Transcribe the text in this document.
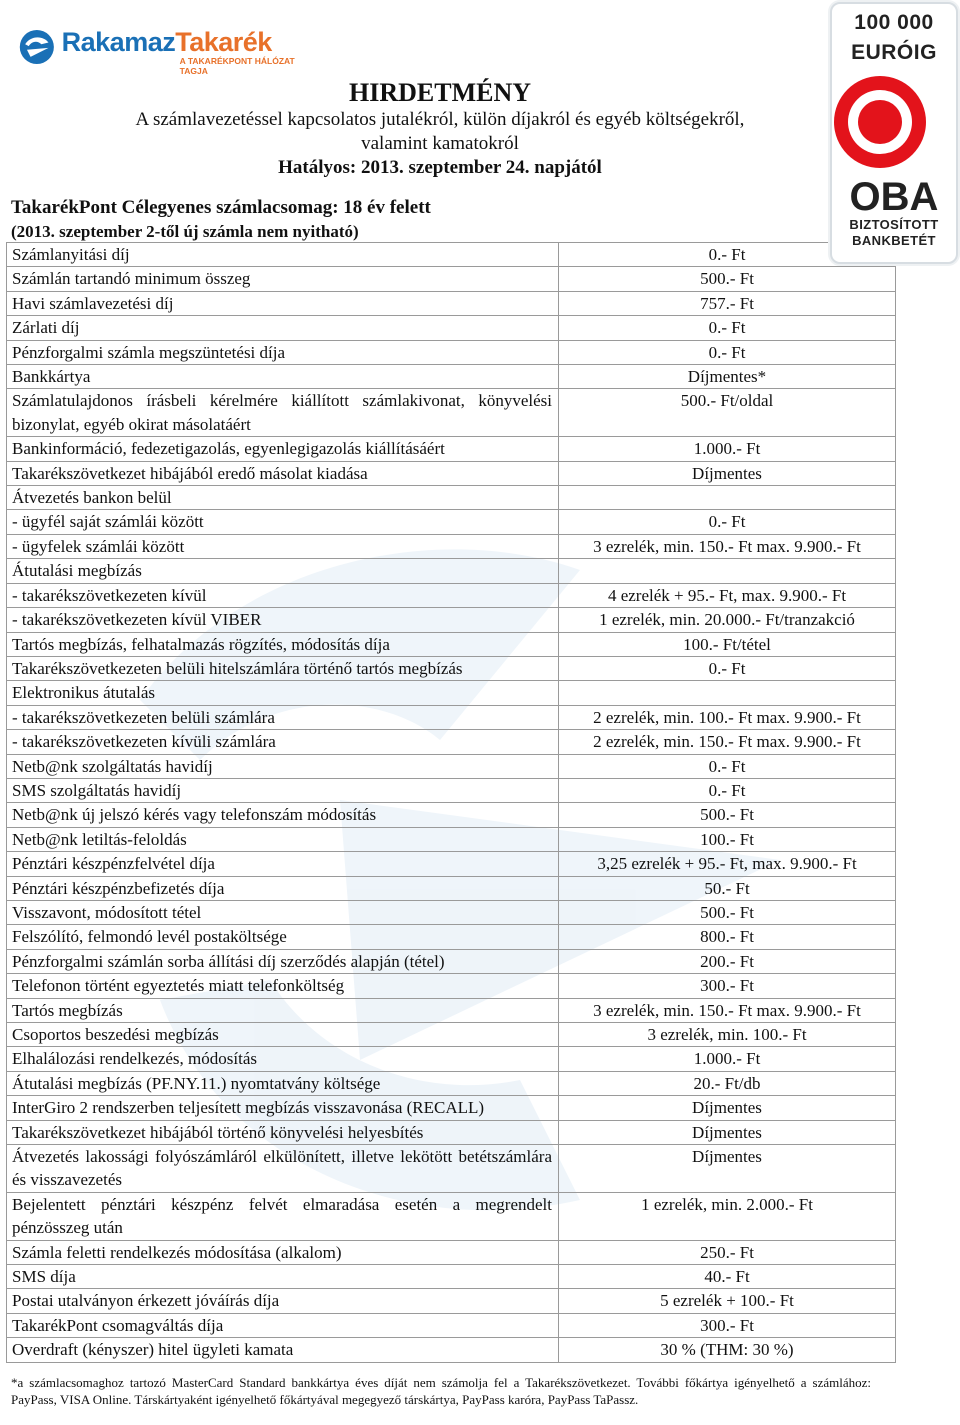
RakamazTakarék
A TAKARÉKPONT HÁLÓZAT TAGJA
100 000
EURÓIG
OBA
BIZTOSÍTOTT
BANKBETÉT
HIRDETMÉNY
A számlavezetéssel kapcsolatos jutalékról, külön díjakról és egyéb költségekről,
valamint kamatokról
Hatályos: 2013. szeptember 24. napjától
TakarékPont Célegyenes számlacsomag: 18 év felett
(2013. szeptember 2-től új számla nem nyitható)
Számlanyitási díj	0.- Ft
Számlán tartandó minimum összeg	500.- Ft
Havi számlavezetési díj	757.- Ft
Zárlati díj	0.- Ft
Pénzforgalmi számla megszüntetési díja	0.- Ft
Bankkártya	Díjmentes*
Számlatulajdonos írásbeli kérelmére kiállított számlakivonat, könyvelési bizonylat, egyéb okirat másolatáért	500.- Ft/oldal
Bankinformáció, fedezetigazolás, egyenlegigazolás kiállításáért	1.000.- Ft
Takarékszövetkezet hibájából eredő másolat kiadása	Díjmentes
Átvezetés bankon belül	
- ügyfél saját számlái között	0.- Ft
- ügyfelek számlái között	3 ezrelék, min. 150.- Ft max. 9.900.- Ft
Átutalási megbízás	
- takarékszövetkezeten kívül	4 ezrelék + 95.- Ft, max. 9.900.- Ft
- takarékszövetkezeten kívül VIBER	1 ezrelék, min. 20.000.- Ft/tranzakció
Tartós megbízás, felhatalmazás rögzítés, módosítás díja	100.- Ft/tétel
Takarékszövetkezeten belüli hitelszámlára történő tartós megbízás	0.- Ft
Elektronikus átutalás	
- takarékszövetkezeten belüli számlára	2 ezrelék, min. 100.- Ft max. 9.900.- Ft
- takarékszövetkezeten kívüli számlára	2 ezrelék, min. 150.- Ft max. 9.900.- Ft
Netb@nk szolgáltatás havidíj	0.- Ft
SMS szolgáltatás havidíj	0.- Ft
Netb@nk új jelszó kérés vagy telefonszám módosítás	500.- Ft
Netb@nk letiltás-feloldás	100.- Ft
Pénztári készpénzfelvétel díja	3,25 ezrelék + 95.- Ft, max. 9.900.- Ft
Pénztári készpénzbefizetés díja	50.- Ft
Visszavont, módosított tétel	500.- Ft
Felszólító, felmondó levél postaköltsége	800.- Ft
Pénzforgalmi számlán sorba állítási díj szerződés alapján (tétel)	200.- Ft
Telefonon történt egyeztetés miatt telefonköltség	300.- Ft
Tartós megbízás	3 ezrelék, min. 150.- Ft max. 9.900.- Ft
Csoportos beszedési megbízás	3 ezrelék, min. 100.- Ft
Elhalálozási rendelkezés, módosítás	1.000.- Ft
Átutalási megbízás (PF.NY.11.) nyomtatvány költsége	20.- Ft/db
InterGiro 2 rendszerben teljesített megbízás visszavonása (RECALL)	Díjmentes
Takarékszövetkezet hibájából történő könyvelési helyesbítés	Díjmentes
Átvezetés lakossági folyószámláról elkülönített, illetve lekötött betétszámlára és visszavezetés	Díjmentes
Bejelentett pénztári készpénz felvét elmaradása esetén a megrendelt pénzösszeg után	1 ezrelék, min. 2.000.- Ft
Számla feletti rendelkezés módosítása (alkalom)	250.- Ft
SMS díja	40.- Ft
Postai utalványon érkezett jóváírás díja	5 ezrelék + 100.- Ft
TakarékPont csomagváltás díja	300.- Ft
Overdraft (kényszer) hitel ügyleti kamata	30 % (THM: 30 %)
*a számlacsomaghoz tartozó MasterCard Standard bankkártya éves díját nem számolja fel a Takarékszövetkezet. További főkártya igényelhető a számlához: PayPass, VISA Online. Társkártyaként igényelhető főkártyával megegyező társkártya, PayPass karóra, PayPass TaPassz.
